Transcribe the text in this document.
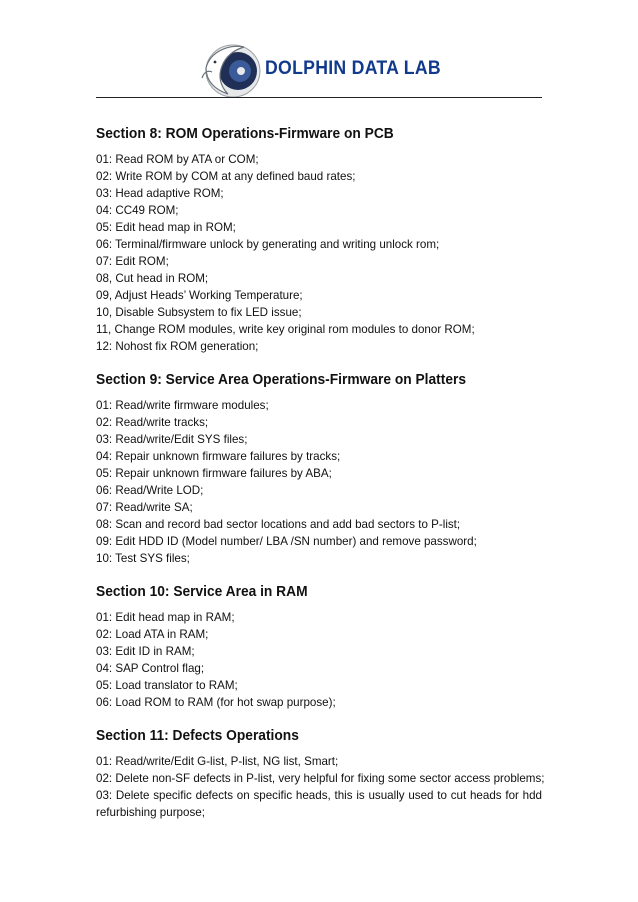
DOLPHIN DATA LAB
Section 8: ROM Operations-Firmware on PCB

01: Read ROM by ATA or COM;

02: Write ROM by COM at any defined baud rates;

03: Head adaptive ROM;

04: CC49 ROM;

05: Edit head map in ROM;

06: Terminal/firmware unlock by generating and writing unlock rom;

07: Edit ROM;

08, Cut head in ROM;

09, Adjust Heads’ Working Temperature;

10, Disable Subsystem to fix LED issue;

11, Change ROM modules, write key original rom modules to donor ROM;

12: Nohost fix ROM generation;

Section 9: Service Area Operations-Firmware on Platters

01: Read/write firmware modules;

02: Read/write tracks;

03: Read/write/Edit SYS files;

04: Repair unknown firmware failures by tracks;

05: Repair unknown firmware failures by ABA;

06: Read/Write LOD;

07: Read/write SA;

08: Scan and record bad sector locations and add bad sectors to P-list;

09: Edit HDD ID (Model number/ LBA /SN number) and remove password;

10: Test SYS files;

Section 10: Service Area in RAM

01: Edit head map in RAM;

02: Load ATA in RAM;

03: Edit ID in RAM;

04: SAP Control flag;

05: Load translator to RAM;

06: Load ROM to RAM (for hot swap purpose);

Section 11: Defects Operations

01: Read/write/Edit G-list, P-list, NG list, Smart;

02: Delete non-SF defects in P-list, very helpful for fixing some sector access problems;

03: Delete specific defects on specific heads, this is usually used to cut heads for hdd refurbishing purpose;
